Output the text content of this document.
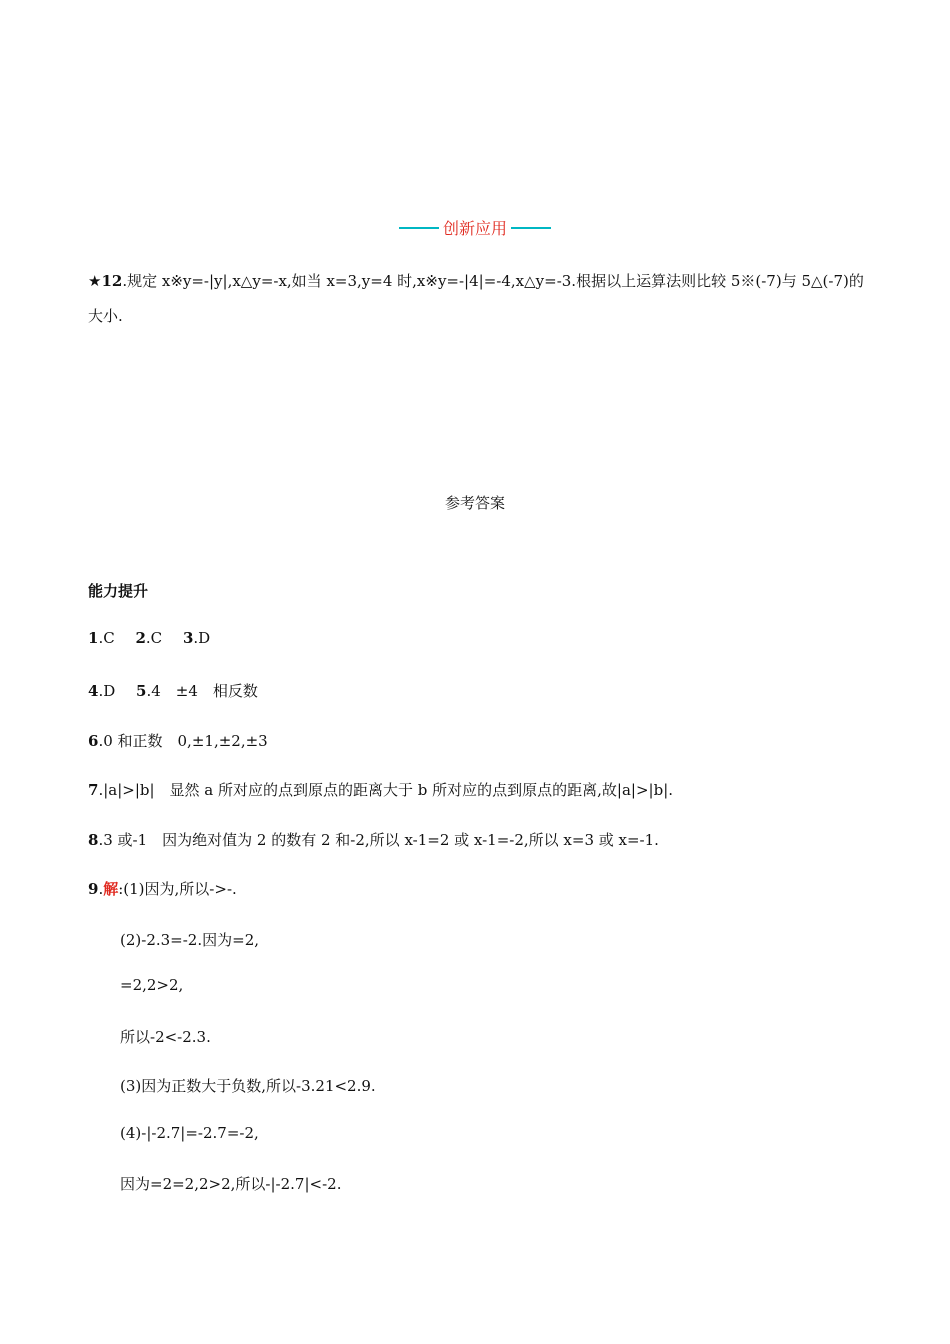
创新应用
★12.规定 x※y=-|y|,x△y=-x,如当 x=3,y=4 时,x※y=-|4|=-4,x△y=-3.根据以上运算法则比较 5※(-7)与 5△(-7)的
大小.
参考答案
能力提升
1.C 2.C 3.D
4.D 5.4　±4　相反数
6.0 和正数　0,±1,±2,±3
7.|a|>|b|　显然 a 所对应的点到原点的距离大于 b 所对应的点到原点的距离,故|a|>|b|.
8.3 或-1　因为绝对值为 2 的数有 2 和-2,所以 x-1=2 或 x-1=-2,所以 x=3 或 x=-1.
9.解:(1)因为,所以->-.
(2)-2.3=-2.因为=2,
=2,2>2,
所以-2<-2.3.
(3)因为正数大于负数,所以-3.21<2.9.
(4)-|-2.7|=-2.7=-2,
因为=2=2,2>2,所以-|-2.7|<-2.
